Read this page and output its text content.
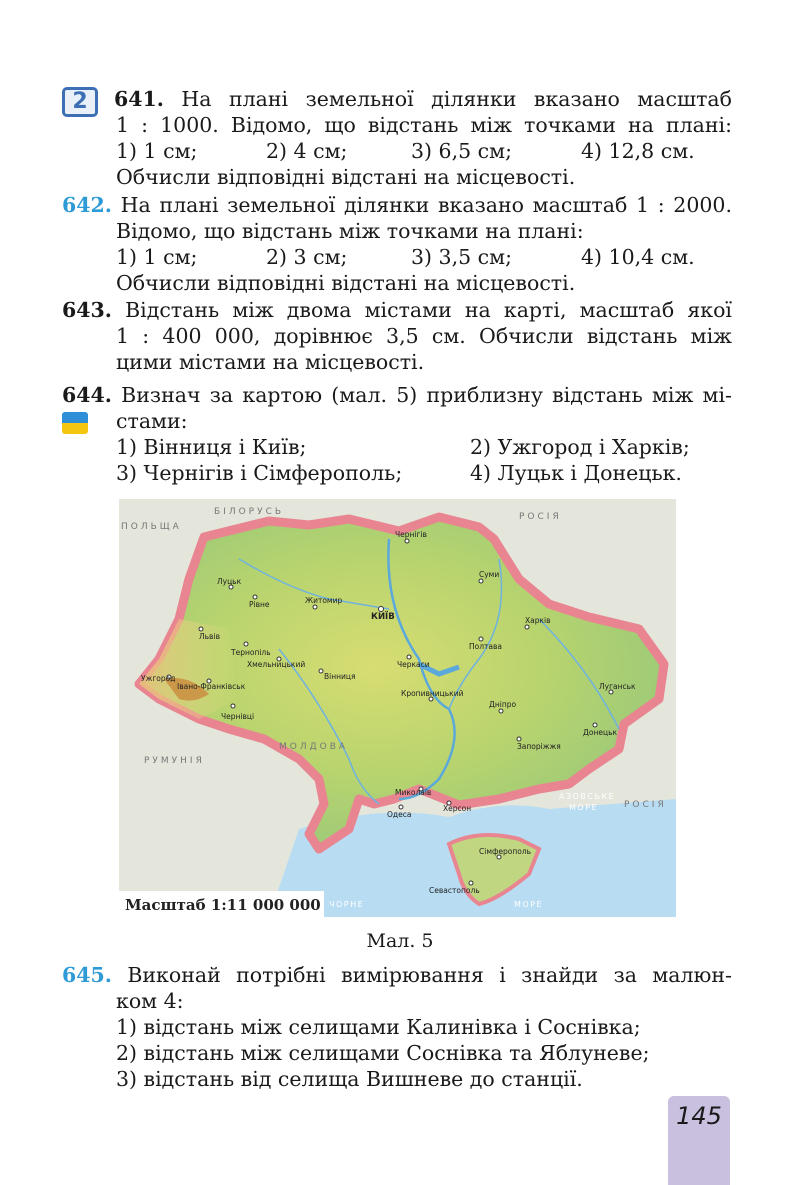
2	641. На плані земельної ділянки вказано масштаб
1 : 1000. Відомо, що відстань між точками на плані:
1) 1 см;	2) 4 см;	3) 6,5 см;	4) 12,8 см.
Обчисли відповідні відстані на місцевості.
642. На плані земельної ділянки вказано масштаб 1 : 2000.
Відомо, що відстань між точками на плані:
1) 1 см;	2) 3 см;	3) 3,5 см;	4) 10,4 см.
Обчисли відповідні відстані на місцевості.
643. Відстань між двома містами на карті, масштаб якої
1 : 400 000, дорівнює 3,5 см. Обчисли відстань між
цими містами на місцевості.
644. Визнач за картою (мал. 5) приблизну відстань між мі-
стами:
1) Вінниця і Київ;	2) Ужгород і Харків;
3) Чернігів і Сімферополь;	4) Луцьк і Донецьк.
БІЛОРУСЬ
ПОЛЬЩА
РОСІЯ
РУМУНІЯ
МОЛДОВА
РОСІЯ
АЗОВСЬКЕ
МОРЕ
ЧОРНЕ	МОРЕ
Чернігів
Луцьк
Рівне	Житомир
КИЇВ
Суми
Львів
Тернопіль
Хмельницький
Харків
Полтава
Черкаси
Ужгород
Івано-Франківськ
Вінниця
Луганськ
Чернівці
Кропивницький
Дніпро
Запоріжжя
Донецьк
Миколаїв
Херсон
Одеса
Сімферополь
Севастополь
Масштаб 1:11 000 000
Мал. 5
645. Виконай потрібні вимірювання і знайди за малюн-
ком 4:
1) відстань між селищами Калинівка і Соснівка;
2) відстань між селищами Соснівка та Яблуневе;
3) відстань від селища Вишневе до станції.
145
